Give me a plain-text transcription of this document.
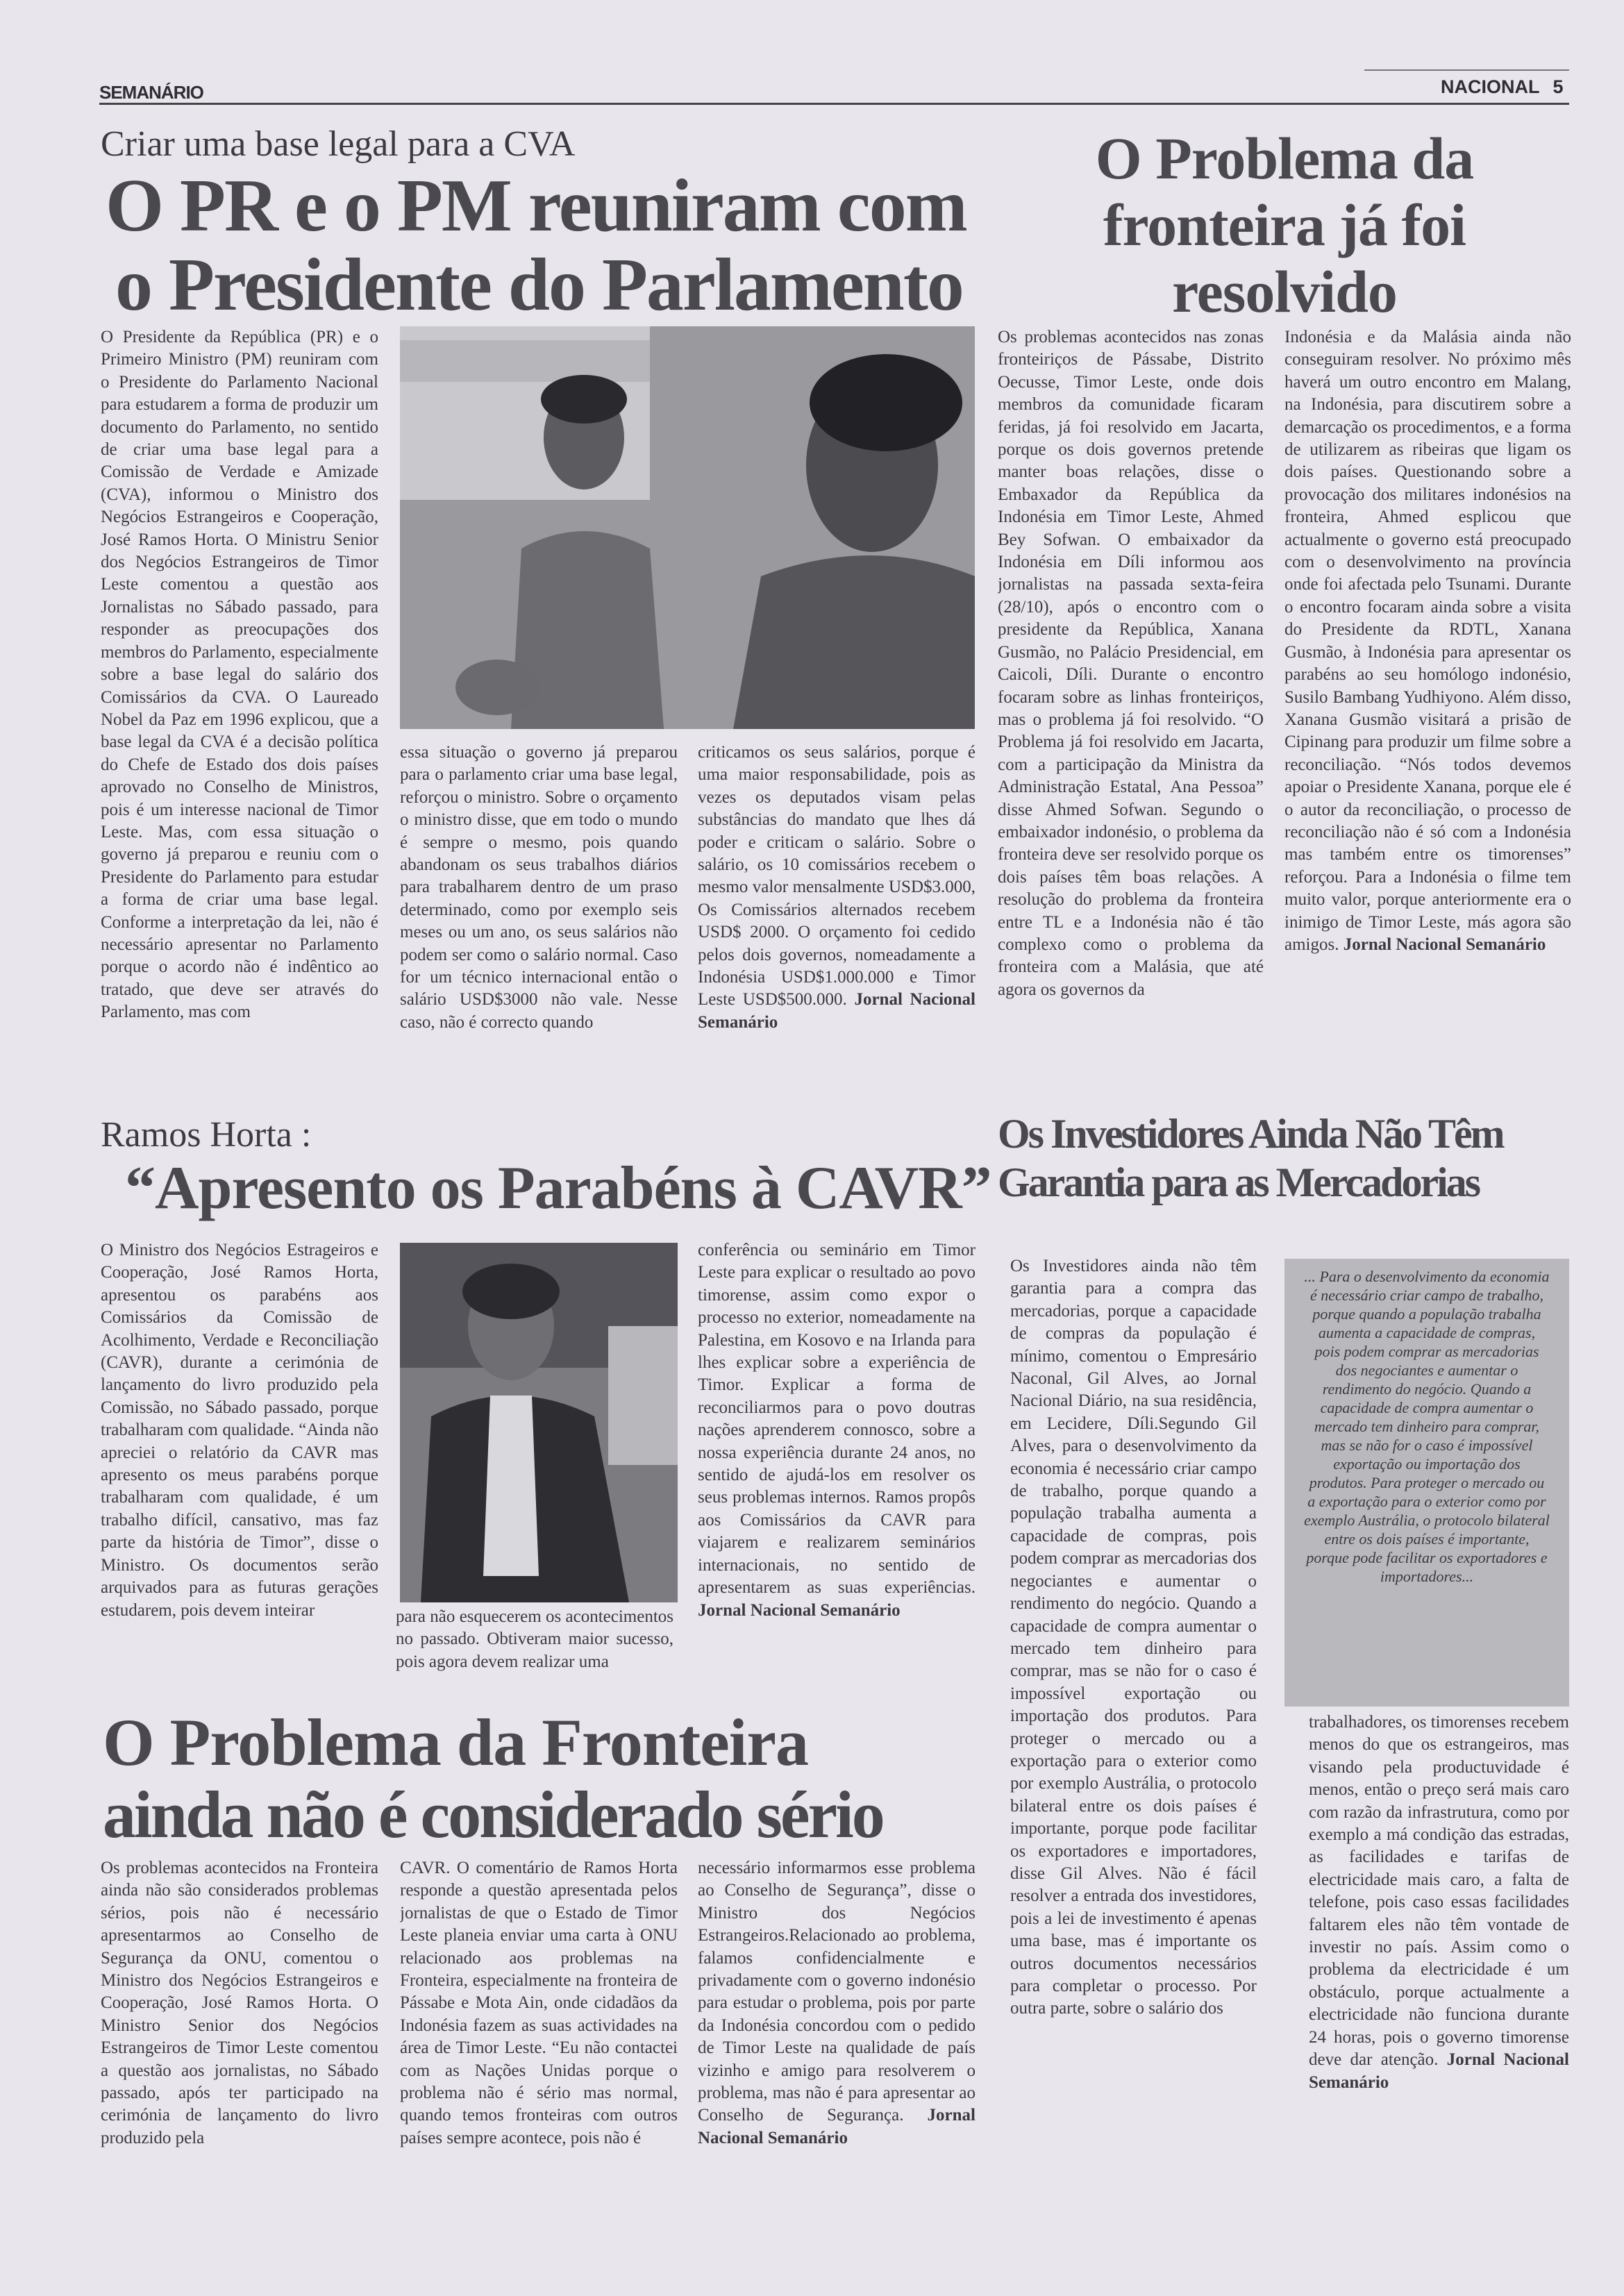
SEMANÁRIO	NACIONAL 5
Criar uma base legal para a CVA
O PR e o PM reuniram com
o Presidente do Parlamento
O Presidente da República (PR) e o Primeiro Ministro (PM) reuniram com o Presidente do Parlamento Nacional para estudarem a forma de produzir um documento do Parlamento, no sentido de criar uma base legal para a Comissão de Verdade e Amizade (CVA), informou o Ministro dos Negócios Estrangeiros e Cooperação, José Ramos Horta. O Ministru Senior dos Negócios Estrangeiros de Timor Leste comentou a questão aos Jornalistas no Sábado passado, para responder as preocupações dos membros do Parlamento, especialmente sobre a base legal do salário dos Comissários da CVA. O Laureado Nobel da Paz em 1996 explicou, que a base legal da CVA é a decisão política do Chefe de Estado dos dois países aprovado no Conselho de Ministros, pois é um interesse nacional de Timor Leste. Mas, com essa situação o governo já preparou e reuniu com o Presidente do Parlamento para estudar a forma de criar uma base legal. Conforme a interpretação da lei, não é necessário apresentar no Parlamento porque o acordo não é indêntico ao tratado, que deve ser através do Parlamento, mas com
essa situação o governo já preparou para o parlamento criar uma base legal, reforçou o ministro. Sobre o orçamento o ministro disse, que em todo o mundo é sempre o mesmo, pois quando abandonam os seus trabalhos diários para trabalharem dentro de um praso determinado, como por exemplo seis meses ou um ano, os seus salários não podem ser como o salário normal. Caso for um técnico internacional então o salário USD$3000 não vale. Nesse caso, não é correcto quando
criticamos os seus salários, porque é uma maior responsabilidade, pois as vezes os deputados visam pelas substâncias do mandato que lhes dá poder e criticam o salário. Sobre o salário, os 10 comissários recebem o mesmo valor mensalmente USD$3.000, Os Comissários alternados recebem USD$ 2000. O orçamento foi cedido pelos dois governos, nomeadamente a Indonésia USD$1.000.000 e Timor Leste USD$500.000. Jornal Nacional Semanário
O Problema da
fronteira já foi
resolvido
Os problemas acontecidos nas zonas fronteiriços de Pássabe, Distrito Oecusse, Timor Leste, onde dois membros da comunidade ficaram feridas, já foi resolvido em Jacarta, porque os dois governos pretende manter boas relações, disse o Embaxador da República da Indonésia em Timor Leste, Ahmed Bey Sofwan. O embaixador da Indonésia em Díli informou aos jornalistas na passada sexta-feira (28/10), após o encontro com o presidente da República, Xanana Gusmão, no Palácio Presidencial, em Caicoli, Díli. Durante o encontro focaram sobre as linhas fronteiriços, mas o problema já foi resolvido. “O Problema já foi resolvido em Jacarta, com a participação da Ministra da Administração Estatal, Ana Pessoa” disse Ahmed Sofwan. Segundo o embaixador indonésio, o problema da fronteira deve ser resolvido porque os dois países têm boas relações. A resolução do problema da fronteira entre TL e a Indonésia não é tão complexo como o problema da fronteira com a Malásia, que até agora os governos da
Indonésia e da Malásia ainda não conseguiram resolver. No próximo mês haverá um outro encontro em Malang, na Indonésia, para discutirem sobre a demarcação os procedimentos, e a forma de utilizarem as ribeiras que ligam os dois países. Questionando sobre a provocação dos militares indonésios na fronteira, Ahmed esplicou que actualmente o governo está preocupado com o desenvolvimento na província onde foi afectada pelo Tsunami. Durante o encontro focaram ainda sobre a visita do Presidente da RDTL, Xanana Gusmão, à Indonésia para apresentar os parabéns ao seu homólogo indonésio, Susilo Bambang Yudhiyono. Além disso, Xanana Gusmão visitará a prisão de Cipinang para produzir um filme sobre a reconciliação. “Nós todos devemos apoiar o Presidente Xanana, porque ele é o autor da reconciliação, o processo de reconciliação não é só com a Indonésia mas também entre os timorenses” reforçou. Para a Indonésia o filme tem muito valor, porque anteriormente era o inimigo de Timor Leste, más agora são amigos. Jornal Nacional Semanário
Ramos Horta :
“Apresento os Parabéns à CAVR”
O Ministro dos Negócios Estrageiros e Cooperação, José Ramos Horta, apresentou os parabéns aos Comissários da Comissão de Acolhimento, Verdade e Reconciliação (CAVR), durante a cerimónia de lançamento do livro produzido pela Comissão, no Sábado passado, porque trabalharam com qualidade. “Ainda não apreciei o relatório da CAVR mas apresento os meus parabéns porque trabalharam com qualidade, é um trabalho difícil, cansativo, mas faz parte da história de Timor”, disse o Ministro. Os documentos serão arquivados para as futuras gerações estudarem, pois devem inteirar	para não esquecerem os acontecimentos no passado. Obtiveram maior sucesso, pois agora devem realizar uma
conferência ou seminário em Timor Leste para explicar o resultado ao povo timorense, assim como expor o processo no exterior, nomeadamente na Palestina, em Kosovo e na Irlanda para lhes explicar sobre a experiência de Timor. Explicar a forma de reconciliarmos para o povo doutras nações aprenderem connosco, sobre a nossa experiência durante 24 anos, no sentido de ajudá-los em resolver os seus problemas internos. Ramos propôs aos Comissários da CAVR para viajarem e realizarem seminários internacionais, no sentido de apresentarem as suas experiências. Jornal Nacional Semanário
Os Investidores Ainda Não Têm
Garantia para as Mercadorias
Os Investidores ainda não têm garantia para a compra das mercadorias, porque a capacidade de compras da população é mínimo, comentou o Empresário Naconal, Gil Alves, ao Jornal Nacional Diário, na sua residência, em Lecidere, Díli.Segundo Gil Alves, para o desenvolvimento da economia é necessário criar campo de trabalho, porque quando a população trabalha aumenta a capacidade de compras, pois podem comprar as mercadorias dos negociantes e aumentar o rendimento do negócio. Quando a capacidade de compra aumentar o mercado tem dinheiro para comprar, mas se não for o caso é impossível exportação ou importação dos produtos. Para proteger o mercado ou a exportação para o exterior como por exemplo Austrália, o protocolo bilateral entre os dois países é importante, porque pode facilitar os exportadores e importadores, disse Gil Alves. Não é fácil resolver a entrada dos investidores, pois a lei de investimento é apenas uma base, mas é importante os outros documentos necessários para completar o processo. Por outra parte, sobre o salário dos
... Para o desenvolvimento da economia é necessário criar campo de trabalho, porque quando a população trabalha aumenta a capacidade de compras, pois podem comprar as mercadorias dos negociantes e aumentar o rendimento do negócio. Quando a capacidade de compra aumentar o mercado tem dinheiro para comprar, mas se não for o caso é impossível exportação ou importação dos produtos. Para proteger o mercado ou a exportação para o exterior como por exemplo Austrália, o protocolo bilateral entre os dois países é importante, porque pode facilitar os exportadores e importadores...
trabalhadores, os timorenses recebem menos do que os estrangeiros, mas visando pela productuvidade é menos, então o preço será mais caro com razão da infrastrutura, como por exemplo a má condição das estradas, as facilidades e tarifas de electricidade mais caro, a falta de telefone, pois caso essas facilidades faltarem eles não têm vontade de investir no país. Assim como o problema da electricidade é um obstáculo, porque actualmente a electricidade não funciona durante 24 horas, pois o governo timorense deve dar atenção. Jornal Nacional Semanário
O Problema da Fronteira
ainda não é considerado sério
Os problemas acontecidos na Fronteira ainda não são considerados problemas sérios, pois não é necessário apresentarmos ao Conselho de Segurança da ONU, comentou o Ministro dos Negócios Estrangeiros e Cooperação, José Ramos Horta. O Ministro Senior dos Negócios Estrangeiros de Timor Leste comentou a questão aos jornalistas, no Sábado passado, após ter participado na cerimónia de lançamento do livro produzido pela
CAVR. O comentário de Ramos Horta responde a questão apresentada pelos jornalistas de que o Estado de Timor Leste planeia enviar uma carta à ONU relacionado aos problemas na Fronteira, especialmente na fronteira de Pássabe e Mota Ain, onde cidadãos da Indonésia fazem as suas actividades na área de Timor Leste. “Eu não contactei com as Nações Unidas porque o problema não é sério mas normal, quando temos fronteiras com outros países sempre acontece, pois não é
necessário informarmos esse problema ao Conselho de Segurança”, disse o Ministro dos Negócios Estrangeiros.Relacionado ao problema, falamos confidencialmente e privadamente com o governo indonésio para estudar o problema, pois por parte da Indonésia concordou com o pedido de Timor Leste na qualidade de país vizinho e amigo para resolverem o problema, mas não é para apresentar ao Conselho de Segurança. Jornal Nacional Semanário
